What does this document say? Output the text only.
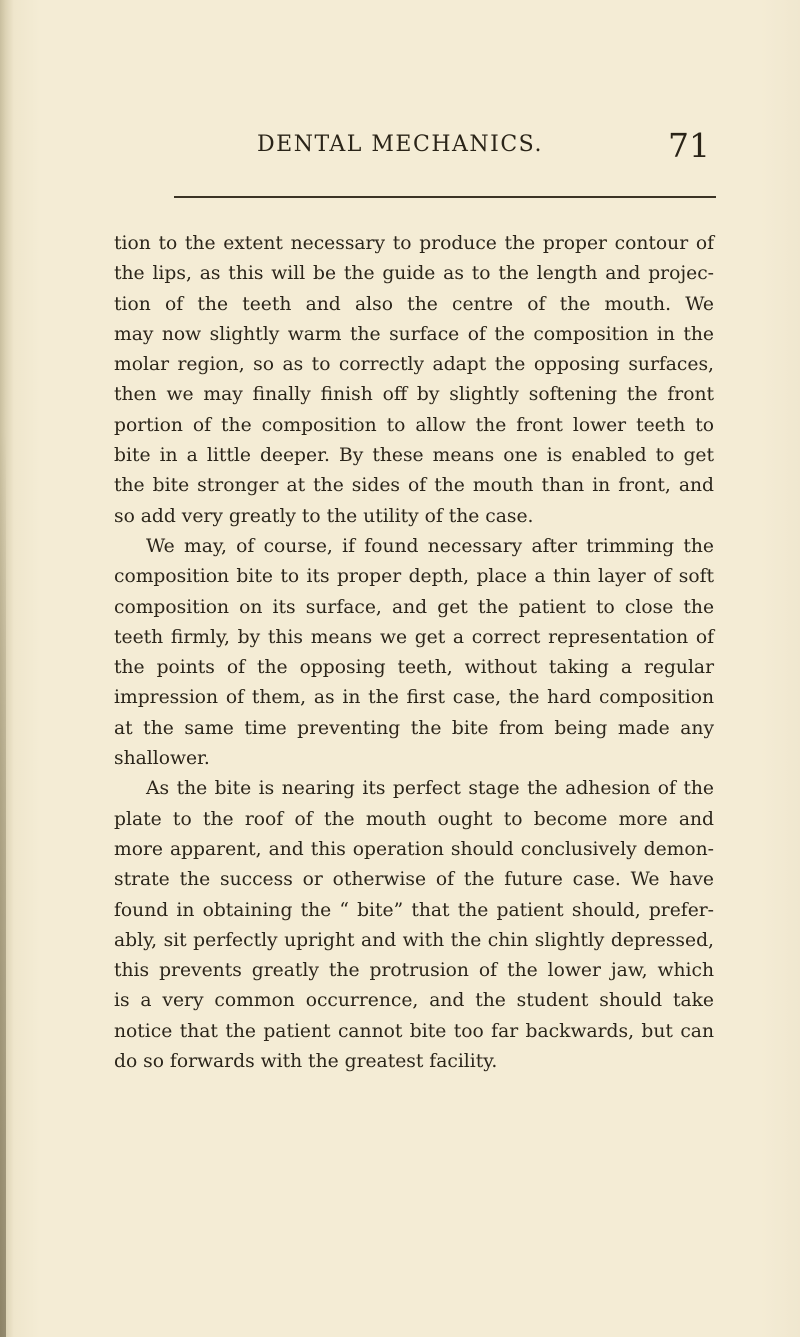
DENTAL MECHANICS.	71
tion to the extent necessary to produce the proper contour of
the lips, as this will be the guide as to the length and projec-
tion of the teeth and also the centre of the mouth. We
may now slightly warm the surface of the composition in the
molar region, so as to correctly adapt the opposing surfaces,
then we may finally finish off by slightly softening the front
portion of the composition to allow the front lower teeth to
bite in a little deeper. By these means one is enabled to get
the bite stronger at the sides of the mouth than in front, and
so add very greatly to the utility of the case.
We may, of course, if found necessary after trimming the
composition bite to its proper depth, place a thin layer of soft
composition on its surface, and get the patient to close the
teeth firmly, by this means we get a correct representation of
the points of the opposing teeth, without taking a regular
impression of them, as in the first case, the hard composition
at the same time preventing the bite from being made any
shallower.
As the bite is nearing its perfect stage the adhesion of the
plate to the roof of the mouth ought to become more and
more apparent, and this operation should conclusively demon-
strate the success or otherwise of the future case. We have
found in obtaining the “ bite” that the patient should, prefer-
ably, sit perfectly upright and with the chin slightly depressed,
this prevents greatly the protrusion of the lower jaw, which
is a very common occurrence, and the student should take
notice that the patient cannot bite too far backwards, but can
do so forwards with the greatest facility.
